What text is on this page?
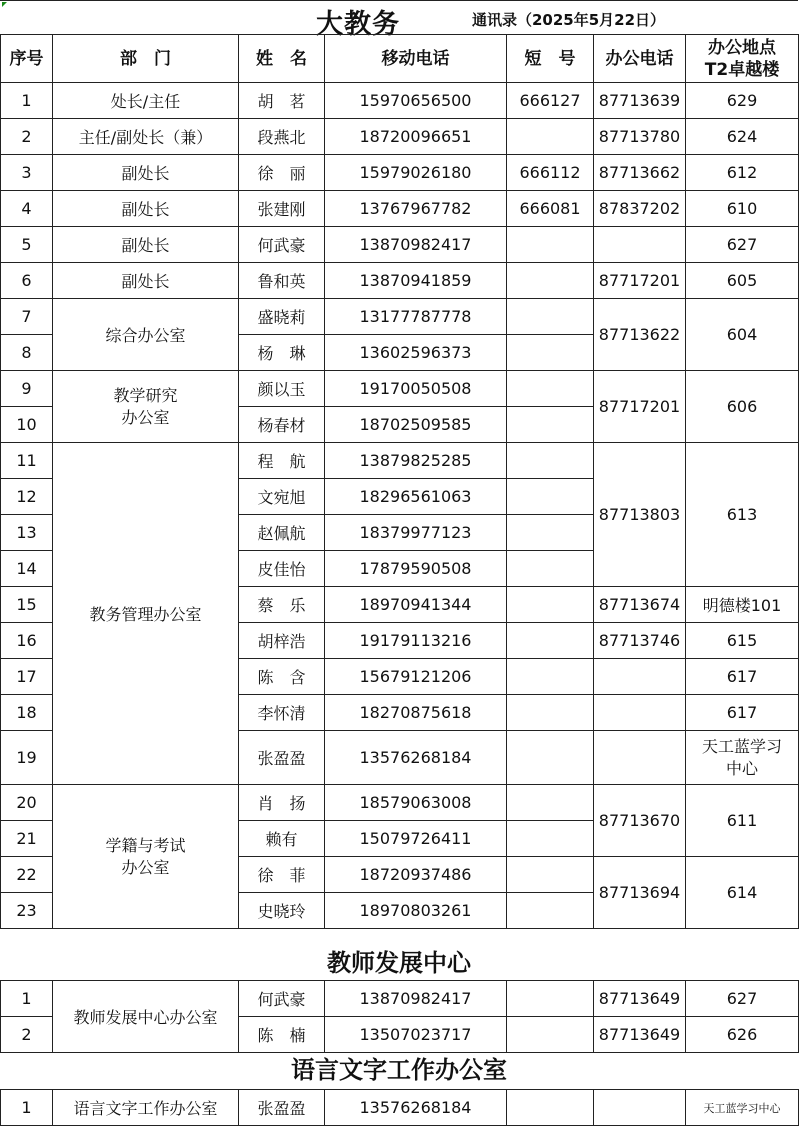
大教务	通讯录（2025年5月22日）
序号	部　门	姓　名	移动电话	短　号	办公电话	办公地点
T2卓越楼
1	处长/主任	胡　茗	15970656500	666127	87713639	629
2	主任/副处长（兼）	段燕北	18720096651		87713780	624
3	副处长	徐　丽	15979026180	666112	87713662	612
4	副处长	张建刚	13767967782	666081	87837202	610
5	副处长	何武豪	13870982417			627
6	副处长	鲁和英	13870941859		87717201	605
7	综合办公室	盛晓莉	13177787778		87713622	604
8		杨　琳	13602596373			
9	教学研究
办公室	颜以玉	19170050508		87717201	606
10		杨春材	18702509585			
11	教务管理办公室	程　航	13879825285		87713803	613
12		文宛旭	18296561063			
13		赵佩航	18379977123			
14		皮佳怡	17879590508			
15		蔡　乐	18970941344		87713674	明德楼101
16		胡梓浩	19179113216		87713746	615
17		陈　含	15679121206			617
18		李怀清	18270875618			617
19		张盈盈	13576268184			天工蓝学习
中心
20	学籍与考试
办公室	肖　扬	18579063008		87713670	611
21		赖有	15079726411			
22		徐　菲	18720937486		87713694	614
23		史晓玲	18970803261			
教师发展中心
1	教师发展中心办公室	何武豪	13870982417		87713649	627
2		陈　楠	13507023717		87713649	626
语言文字工作办公室
1	语言文字工作办公室	张盈盈	13576268184			天工蓝学习中心
